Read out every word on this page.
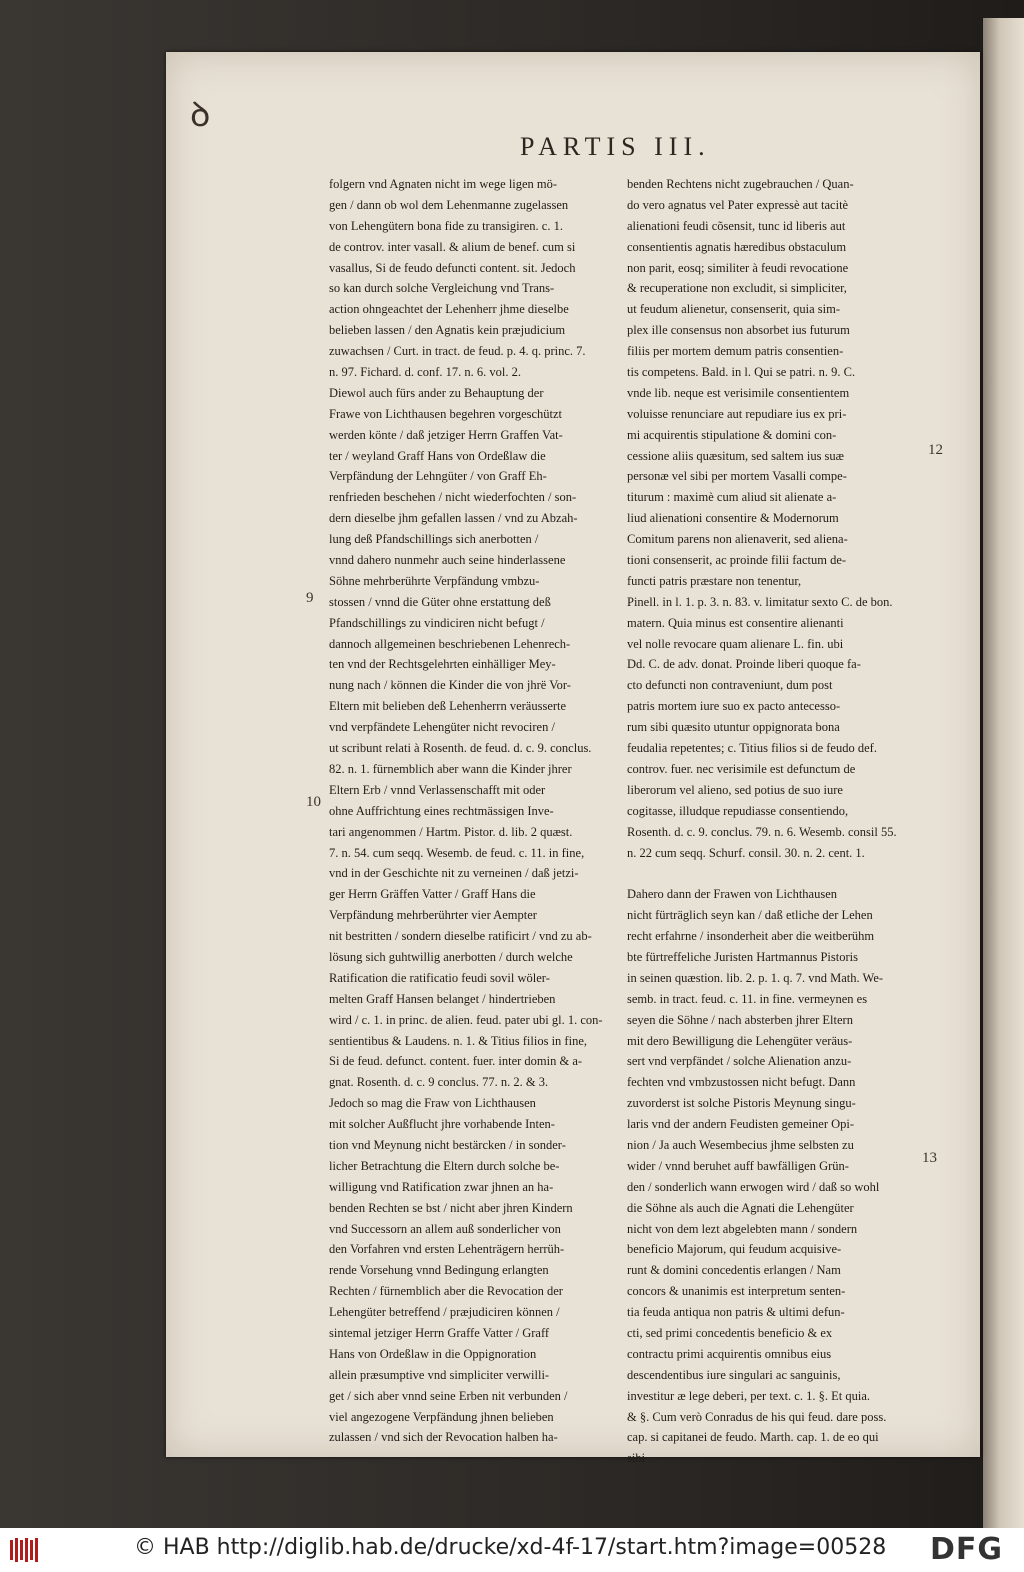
ꝺ
PARTIS III.
folgern vnd Agnaten nicht im wege ligen mö-
gen / dann ob wol dem Lehenmanne zugelassen
von Lehengütern bona fide zu transigiren. c. 1.
de controv. inter vasall. & alium de benef. cum si
vasallus, Si de feudo defuncti content. sit. Jedoch
so kan durch solche Vergleichung vnd Trans-
action ohngeachtet der Lehenherr jhme dieselbe
belieben lassen / den Agnatis kein præjudicium
zuwachsen / Curt. in tract. de feud. p. 4. q. princ. 7.
n. 97. Fichard. d. conf. 17. n. 6. vol. 2.
Diewol auch fürs ander zu Behauptung der
Frawe von Lichthausen begehren vorgeschützt
werden könte / daß jetziger Herrn Graffen Vat-
ter / weyland Graff Hans von Ordeßlaw die
Verpfändung der Lehngüter / von Graff Eh-
renfrieden beschehen / nicht wiederfochten / son-
dern dieselbe jhm gefallen lassen / vnd zu Abzah-
lung deß Pfandschillings sich anerbotten /
vnnd dahero nunmehr auch seine hinderlassene
Söhne mehrberührte Verpfändung vmbzu-
stossen / vnnd die Güter ohne erstattung deß
Pfandschillings zu vindiciren nicht befugt /
dannoch allgemeinen beschriebenen Lehenrech-
ten vnd der Rechtsgelehrten einhälliger Mey-
nung nach / können die Kinder die von jhrë Vor-
Eltern mit belieben deß Lehenherrn veräusserte
vnd verpfändete Lehengüter nicht revociren /
ut scribunt relati à Rosenth. de feud. d. c. 9. conclus.
82. n. 1. fürnemblich aber wann die Kinder jhrer
Eltern Erb / vnnd Verlassenschafft mit oder
ohne Auffrichtung eines rechtmässigen Inve-
tari angenommen / Hartm. Pistor. d. lib. 2 quæst.
7. n. 54. cum seqq. Wesemb. de feud. c. 11. in fine,
vnd in der Geschichte nit zu verneinen / daß jetzi-
ger Herrn Gräffen Vatter / Graff Hans die
Verpfändung mehrberührter vier Aempter
nit bestritten / sondern dieselbe ratificirt / vnd zu ab-
lösung sich guhtwillig anerbotten / durch welche
Ratification die ratificatio feudi sovil wöler-
melten Graff Hansen belanget / hindertrieben
wird / c. 1. in princ. de alien. feud. pater ubi gl. 1. con-
sentientibus & Laudens. n. 1. & Titius filios in fine,
Si de feud. defunct. content. fuer. inter domin & a-
gnat. Rosenth. d. c. 9 conclus. 77. n. 2. & 3.
Jedoch so mag die Fraw von Lichthausen
mit solcher Außflucht jhre vorhabende Inten-
tion vnd Meynung nicht bestärcken / in sonder-
licher Betrachtung die Eltern durch solche be-
willigung vnd Ratification zwar jhnen an ha-
benden Rechten se bst / nicht aber jhren Kindern
vnd Successorn an allem auß sonderlicher von
den Vorfahren vnd ersten Lehenträgern herrüh-
rende Vorsehung vnnd Bedingung erlangten
Rechten / fürnemblich aber die Revocation der
Lehengüter betreffend / præjudiciren können /
sintemal jetziger Herrn Graffe Vatter / Graff
Hans von Ordeßlaw in die Oppignoration
allein præsumptive vnd simpliciter verwilli-
get / sich aber vnnd seine Erben nit verbunden /
viel angezogene Verpfändung jhnen belieben
zulassen / vnd sich der Revocation halben ha-
benden Rechtens nicht zugebrauchen / Quan-
do vero agnatus vel Pater expressè aut tacitè
alienationi feudi cõsensit, tunc id liberis aut
consentientis agnatis hæredibus obstaculum
non parit, eosq; similiter à feudi revocatione
& recuperatione non excludit, si simpliciter,
ut feudum alienetur, consenserit, quia sim-
plex ille consensus non absorbet ius futurum
filiis per mortem demum patris consentien-
tis competens. Bald. in l. Qui se patri. n. 9. C.
vnde lib. neque est verisimile consentientem
voluisse renunciare aut repudiare ius ex pri-
mi acquirentis stipulatione & domini con-
cessione aliis quæsitum, sed saltem ius suæ
personæ vel sibi per mortem Vasalli compe-
titurum : maximè cum aliud sit alienate a-
liud alienationi consentire & Modernorum
Comitum parens non alienaverit, sed aliena-
tioni consenserit, ac proinde filii factum de-
functi patris præstare non tenentur,
Pinell. in l. 1. p. 3. n. 83. v. limitatur sexto C. de bon.
matern. Quia minus est consentire alienanti
vel nolle revocare quam alienare L. fin. ubi
Dd. C. de adv. donat. Proinde liberi quoque fa-
cto defuncti non contraveniunt, dum post
patris mortem iure suo ex pacto antecesso-
rum sibi quæsito utuntur oppignorata bona
feudalia repetentes; c. Titius filios si de feudo def.
controv. fuer. nec verisimile est defunctum de
liberorum vel alieno, sed potius de suo iure
cogitasse, illudque repudiasse consentiendo,
Rosenth. d. c. 9. conclus. 79. n. 6. Wesemb. consil 55.
n. 22 cum seqq. Schurf. consil. 30. n. 2. cent. 1.
Dahero dann der Frawen von Lichthausen
nicht fürträglich seyn kan / daß etliche der Lehen
recht erfahrne / insonderheit aber die weitberühm
bte fürtreffeliche Juristen Hartmannus Pistoris
in seinen quæstion. lib. 2. p. 1. q. 7. vnd Math. We-
semb. in tract. feud. c. 11. in fine. vermeynen es
seyen die Söhne / nach absterben jhrer Eltern
mit dero Bewilligung die Lehengüter veräus-
sert vnd verpfändet / solche Alienation anzu-
fechten vnd vmbzustossen nicht befugt. Dann
zuvorderst ist solche Pistoris Meynung singu-
laris vnd der andern Feudisten gemeiner Opi-
nion / Ja auch Wesembecius jhme selbsten zu
wider / vnnd beruhet auff bawfälligen Grün-
den / sonderlich wann erwogen wird / daß so wohl
die Söhne als auch die Agnati die Lehengüter
nicht von dem lezt abgelebten mann / sondern
beneficio Majorum, qui feudum acquisive-
runt & domini concedentis erlangen / Nam
concors & unanimis est interpretum senten-
tia feuda antiqua non patris & ultimi defun-
cti, sed primi concedentis beneficio & ex
contractu primi acquirentis omnibus eius
descendentibus iure singulari ac sanguinis,
investitur æ lege deberi, per text. c. 1. §. Et quia.
& §. Cum verò Conradus de his qui feud. dare poss.
cap. si capitanei de feudo. Marth. cap. 1. de eo qui
sibi
9
10
12
13
© HAB http://diglib.hab.de/drucke/xd-4f-17/start.htm?image=00528 DFG
